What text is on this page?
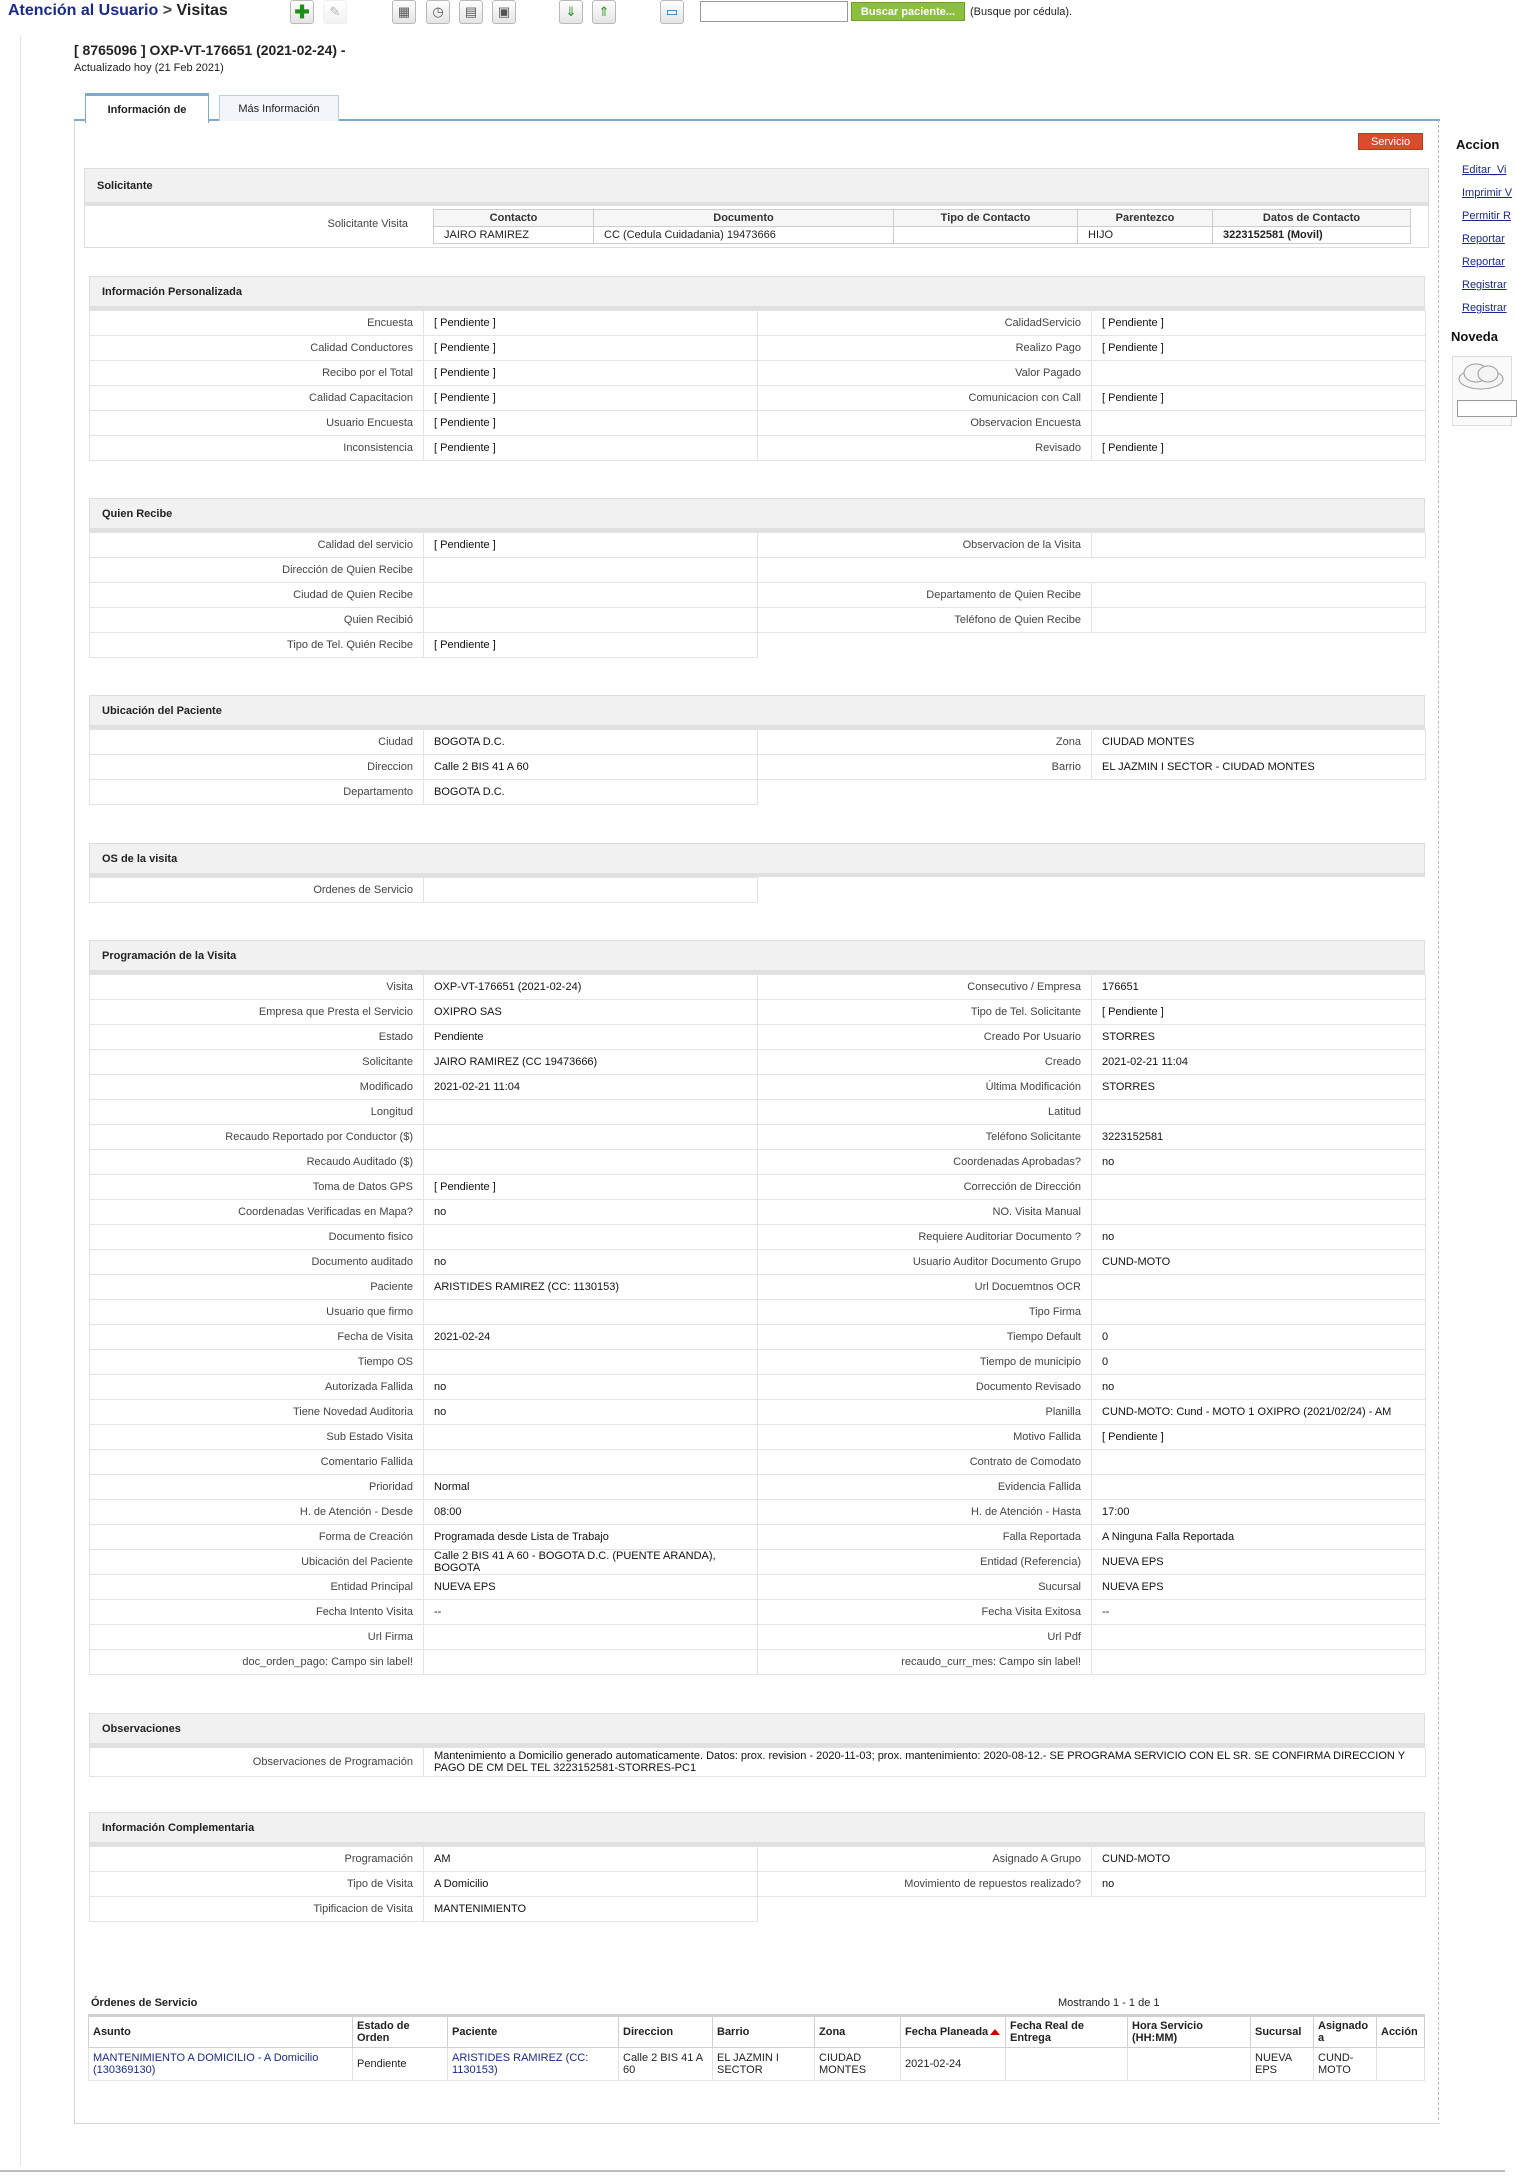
Atención al Usuario > Visitas	✚	✎	▦	◷	▤	▣	⇓	⇑	▭	Buscar paciente...	(Busque por cédula).
[ 8765096 ] OXP-VT-176651 (2021-02-24) -
Actualizado hoy (21 Feb 2021)
Información de	Más Información
Servicio
Solicitante
Solicitante Visita	Contacto	Documento	Tipo de Contacto	Parentezco	Datos de Contacto
JAIRO RAMIREZ	CC (Cedula Cuidadania) 19473666		HIJO	3223152581 (Movil)
Información Personalizada
Encuesta	[ Pendiente ]	CalidadServicio	[ Pendiente ]
Calidad Conductores	[ Pendiente ]	Realizo Pago	[ Pendiente ]
Recibo por el Total	[ Pendiente ]	Valor Pagado	
Calidad Capacitacion	[ Pendiente ]	Comunicacion con Call	[ Pendiente ]
Usuario Encuesta	[ Pendiente ]	Observacion Encuesta	
Inconsistencia	[ Pendiente ]	Revisado	[ Pendiente ]
Quien Recibe
Calidad del servicio	[ Pendiente ]	Observacion de la Visita	
Dirección de Quien Recibe			
Ciudad de Quien Recibe		Departamento de Quien Recibe	
Quien Recibió		Teléfono de Quien Recibe	
Tipo de Tel. Quién Recibe	[ Pendiente ]		
Ubicación del Paciente
Ciudad	BOGOTA D.C.	Zona	CIUDAD MONTES
Direccion	Calle 2 BIS 41 A 60	Barrio	EL JAZMIN I SECTOR - CIUDAD MONTES
Departamento	BOGOTA D.C.		
OS de la visita
Ordenes de Servicio			
Programación de la Visita
Visita	OXP-VT-176651 (2021-02-24)	Consecutivo / Empresa	176651
Empresa que Presta el Servicio	OXIPRO SAS	Tipo de Tel. Solicitante	[ Pendiente ]
Estado	Pendiente	Creado Por Usuario	STORRES
Solicitante	JAIRO RAMIREZ (CC 19473666)	Creado	2021-02-21 11:04
Modificado	2021-02-21 11:04	Última Modificación	STORRES
Longitud		Latitud	
Recaudo Reportado por Conductor ($)		Teléfono Solicitante	3223152581
Recaudo Auditado ($)		Coordenadas Aprobadas?	no
Toma de Datos GPS	[ Pendiente ]	Corrección de Dirección	
Coordenadas Verificadas en Mapa?	no	NO. Visita Manual	
Documento fisico		Requiere Auditoriar Documento ?	no
Documento auditado	no	Usuario Auditor Documento Grupo	CUND-MOTO
Paciente	ARISTIDES RAMIREZ (CC: 1130153)	Url Docuemtnos OCR	
Usuario que firmo		Tipo Firma	
Fecha de Visita	2021-02-24	Tiempo Default	0
Tiempo OS		Tiempo de municipio	0
Autorizada Fallida	no	Documento Revisado	no
Tiene Novedad Auditoria	no	Planilla	CUND-MOTO: Cund - MOTO 1 OXIPRO (2021/02/24) - AM
Sub Estado Visita		Motivo Fallida	[ Pendiente ]
Comentario Fallida		Contrato de Comodato	
Prioridad	Normal	Evidencia Fallida	
H. de Atención - Desde	08:00	H. de Atención - Hasta	17:00
Forma de Creación	Programada desde Lista de Trabajo	Falla Reportada	A Ninguna Falla Reportada
Ubicación del Paciente	Calle 2 BIS 41 A 60 - BOGOTA D.C. (PUENTE ARANDA), BOGOTA	Entidad (Referencia)	NUEVA EPS
Entidad Principal	NUEVA EPS	Sucursal	NUEVA EPS
Fecha Intento Visita	--	Fecha Visita Exitosa	--
Url Firma		Url Pdf	
doc_orden_pago: Campo sin label!		recaudo_curr_mes: Campo sin label!	
Observaciones
Observaciones de Programación	Mantenimiento a Domicilio generado automaticamente. Datos: prox. revision - 2020-11-03; prox. mantenimiento: 2020-08-12.- SE PROGRAMA SERVICIO CON EL SR. SE CONFIRMA DIRECCION Y PAGO DE CM DEL TEL 3223152581-STORRES-PC1
Información Complementaria
Programación	AM	Asignado A Grupo	CUND-MOTO
Tipo de Visita	A Domicilio	Movimiento de repuestos realizado?	no
Tipificacion de Visita	MANTENIMIENTO		
Órdenes de Servicio	Mostrando 1 - 1 de 1
Asunto	Estado de Orden	Paciente	Direccion	Barrio	Zona	Fecha Planeada	Fecha Real de Entrega	Hora Servicio (HH:MM)	Sucursal	Asignado a	Acción
MANTENIMIENTO A DOMICILIO - A Domicilio (130369130)	Pendiente	ARISTIDES RAMIREZ (CC: 1130153)	Calle 2 BIS 41 A 60	EL JAZMIN I SECTOR	CIUDAD MONTES	2021-02-24			NUEVA EPS	CUND-MOTO	
Accion
Editar_Vi
Imprimir V
Permitir R
Reportar
Reportar
Registrar
Registrar
Noveda
